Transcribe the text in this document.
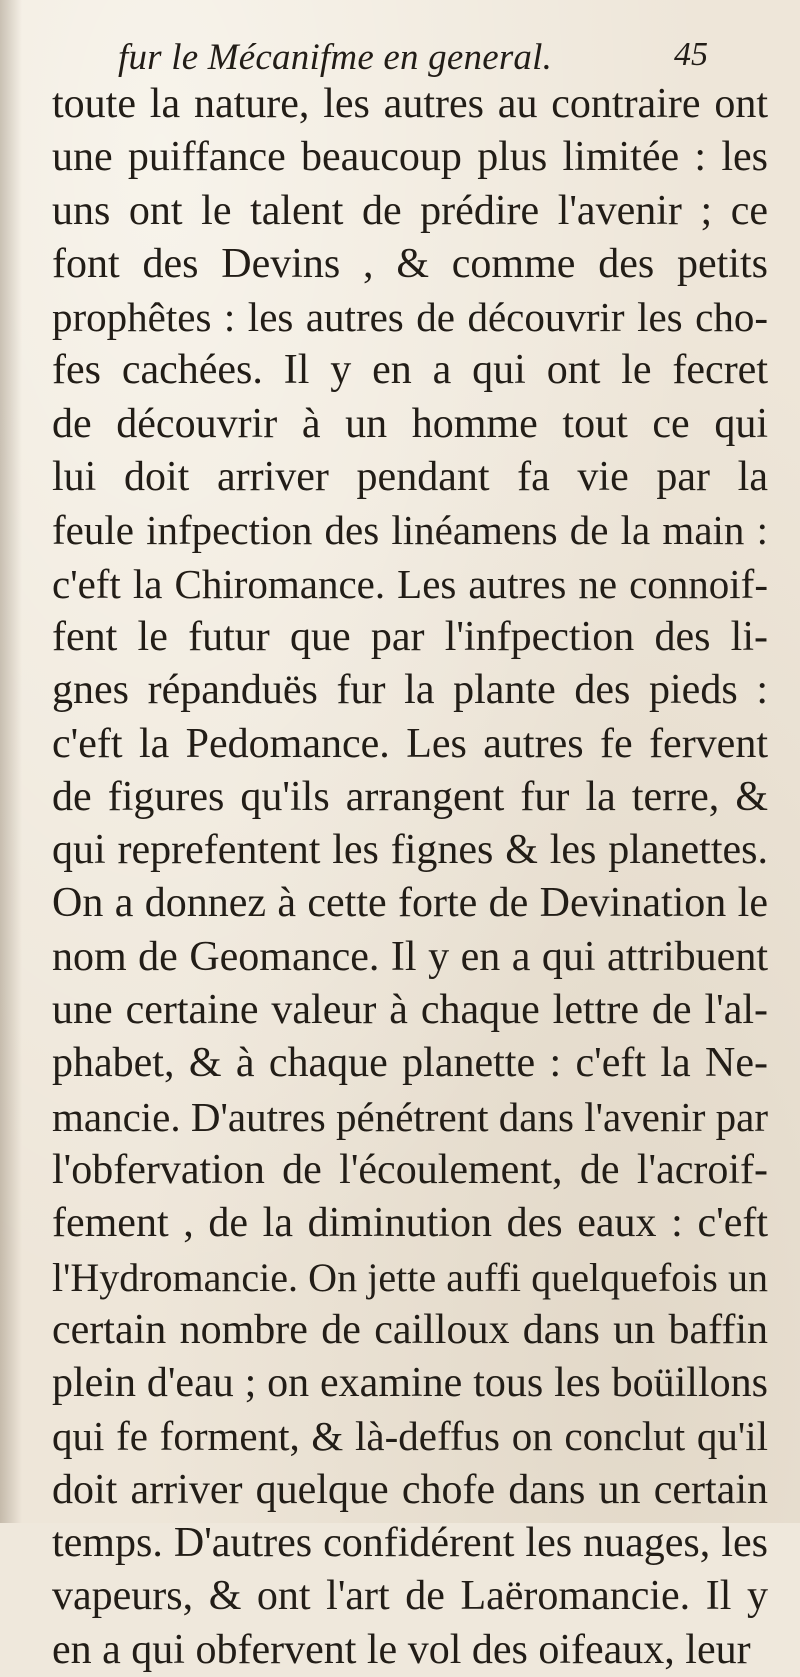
fur le Mécanifme en general.	45
toute la nature, les autres au contraire ont
une puiffance beaucoup plus limitée : les
uns ont le talent de prédire l'avenir ; ce
font des Devins , & comme des petits
prophêtes : les autres de découvrir les cho-
fes cachées. Il y en a qui ont le fecret
de découvrir à un homme tout ce qui
lui doit arriver pendant fa vie par la
feule infpection des linéamens de la main :
c'eft la Chiromance. Les autres ne connoif-
fent le futur que par l'infpection des li-
gnes répanduës fur la plante des pieds :
c'eft la Pedomance. Les autres fe fervent
de figures qu'ils arrangent fur la terre, &
qui reprefentent les fignes & les planettes.
On a donnez à cette forte de Devination le
nom de Geomance. Il y en a qui attribuent
une certaine valeur à chaque lettre de l'al-
phabet, & à chaque planette : c'eft la Ne-
mancie. D'autres pénétrent dans l'avenir par
l'obfervation de l'écoulement, de l'acroif-
fement , de la diminution des eaux : c'eft
l'Hydromancie. On jette auffi quelquefois un
certain nombre de cailloux dans un baffin
plein d'eau ; on examine tous les boüillons
qui fe forment, & là-deffus on conclut qu'il
doit arriver quelque chofe dans un certain
temps. D'autres confidérent les nuages, les
vapeurs, & ont l'art de Laëromancie. Il y
en a qui obfervent le vol des oifeaux, leur
